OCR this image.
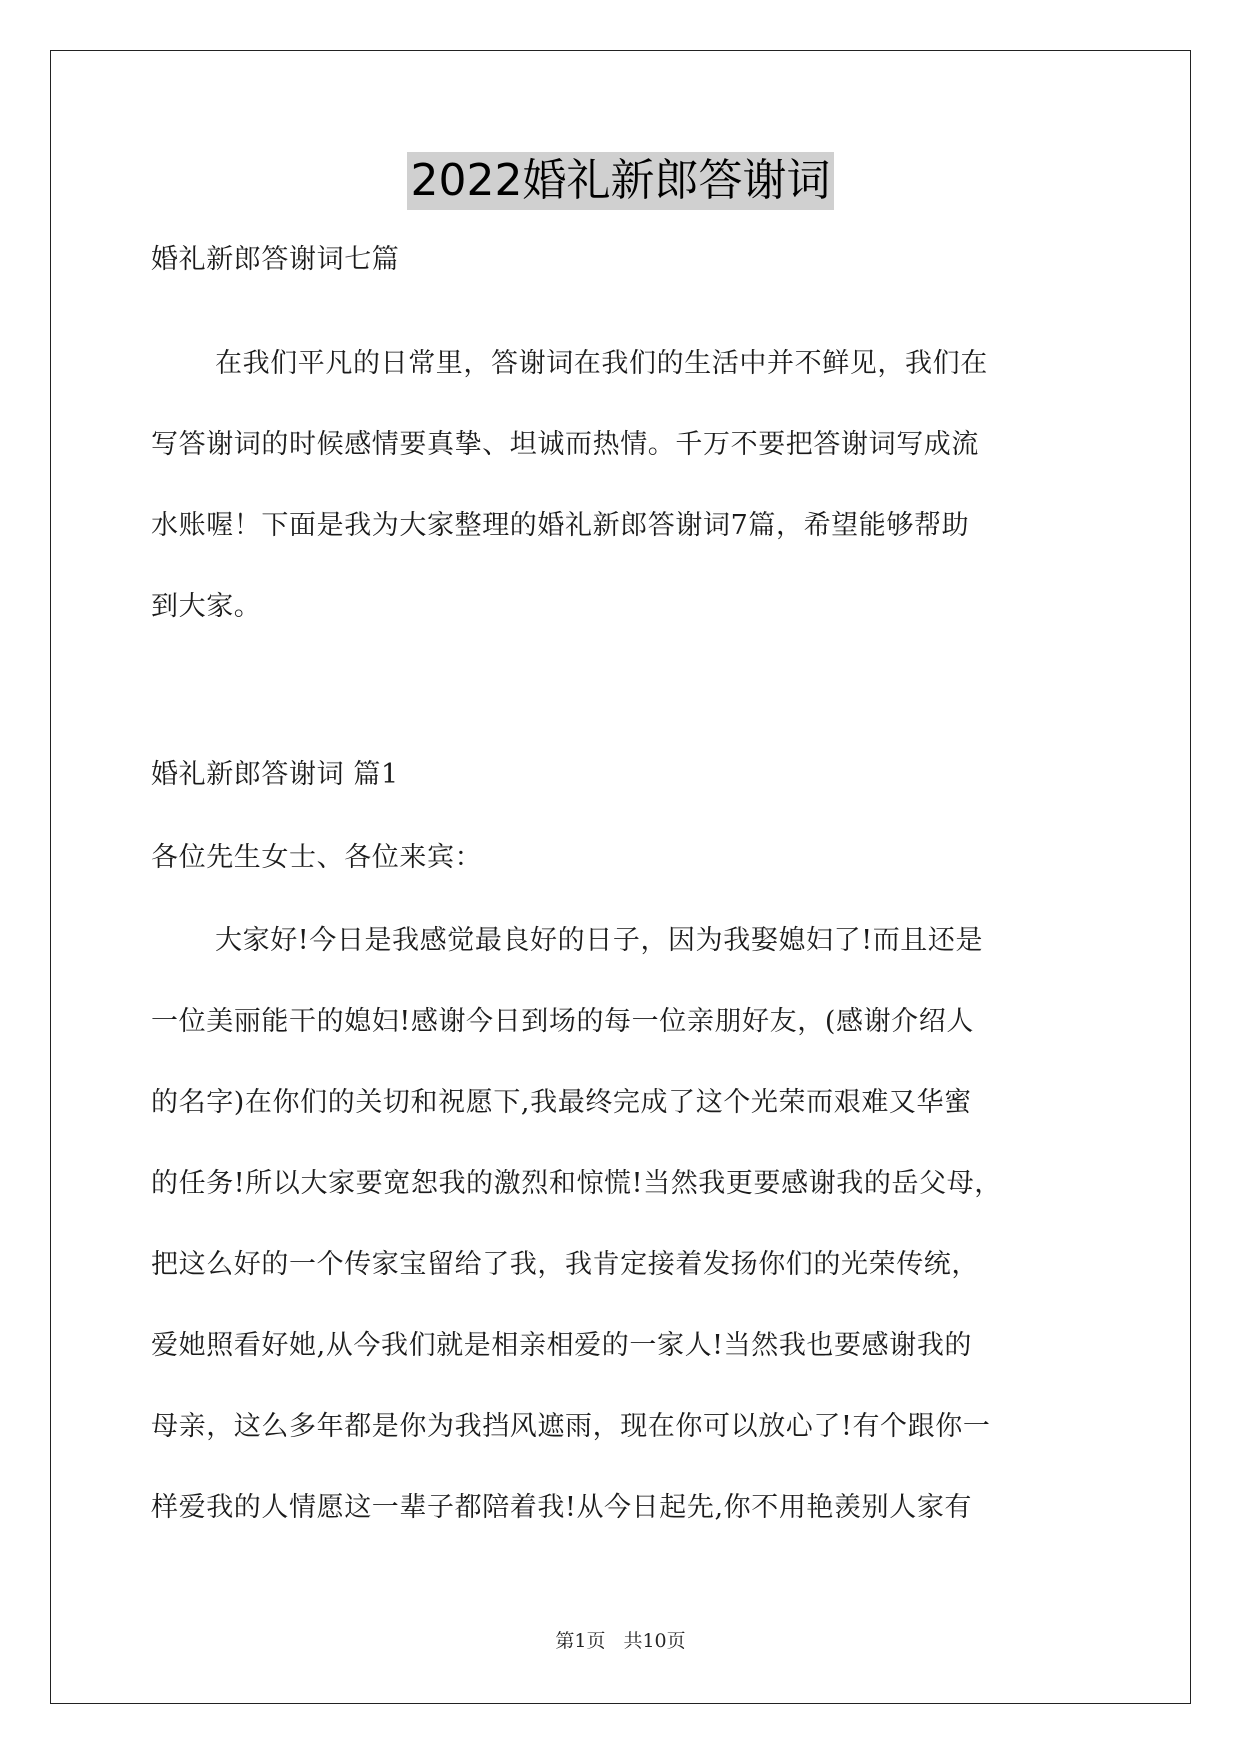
2022婚礼新郎答谢词
婚礼新郎答谢词七篇
在我们平凡的日常里，答谢词在我们的生活中并不鲜见，我们在
写答谢词的时候感情要真挚、坦诚而热情。千万不要把答谢词写成流
水账喔！下面是我为大家整理的婚礼新郎答谢词7篇，希望能够帮助
到大家。
婚礼新郎答谢词 篇1
各位先生女士、各位来宾：
大家好!今日是我感觉最良好的日子，因为我娶媳妇了!而且还是
一位美丽能干的媳妇!感谢今日到场的每一位亲朋好友，(感谢介绍人
的名字)在你们的关切和祝愿下,我最终完成了这个光荣而艰难又华蜜
的任务!所以大家要宽恕我的激烈和惊慌!当然我更要感谢我的岳父母，
把这么好的一个传家宝留给了我，我肯定接着发扬你们的光荣传统，
爱她照看好她,从今我们就是相亲相爱的一家人!当然我也要感谢我的
母亲，这么多年都是你为我挡风遮雨，现在你可以放心了!有个跟你一
样爱我的人情愿这一辈子都陪着我!从今日起先,你不用艳羡别人家有
第1页 共10页
